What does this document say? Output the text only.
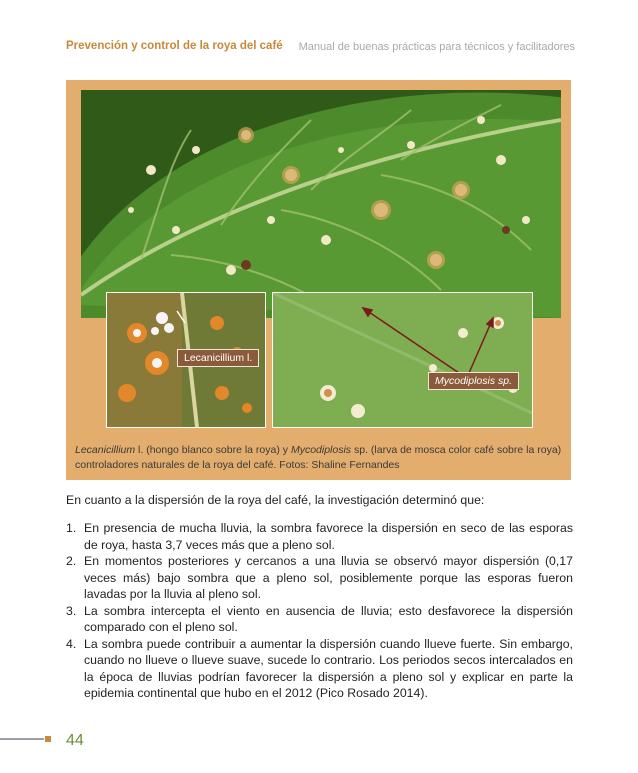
Prevención y control de la roya del café Manual de buenas prácticas para técnicos y facilitadores
Lecanicillium l.
Mycodiplosis sp.
Lecanicillium l. (hongo blanco sobre la roya) y Mycodiplosis sp. (larva de mosca color café sobre la roya) controladores naturales de la roya del café. Fotos: Shaline Fernandes
En cuanto a la dispersión de la roya del café, la investigación determinó que:
1. En presencia de mucha lluvia, la sombra favorece la dispersión en seco de las esporas de roya, hasta 3,7 veces más que a pleno sol.
2. En momentos posteriores y cercanos a una lluvia se observó mayor dispersión (0,17 veces más) bajo sombra que a pleno sol, posiblemente porque las esporas fueron lavadas por la lluvia al pleno sol.
3. La sombra intercepta el viento en ausencia de lluvia; esto desfavorece la dispersión comparado con el pleno sol.
4. La sombra puede contribuir a aumentar la dispersión cuando llueve fuerte. Sin embargo, cuando no llueve o llueve suave, sucede lo contrario. Los periodos secos intercalados en la época de lluvias podrían favorecer la dispersión a pleno sol y explicar en parte la epidemia continental que hubo en el 2012 (Pico Rosado 2014).
44
